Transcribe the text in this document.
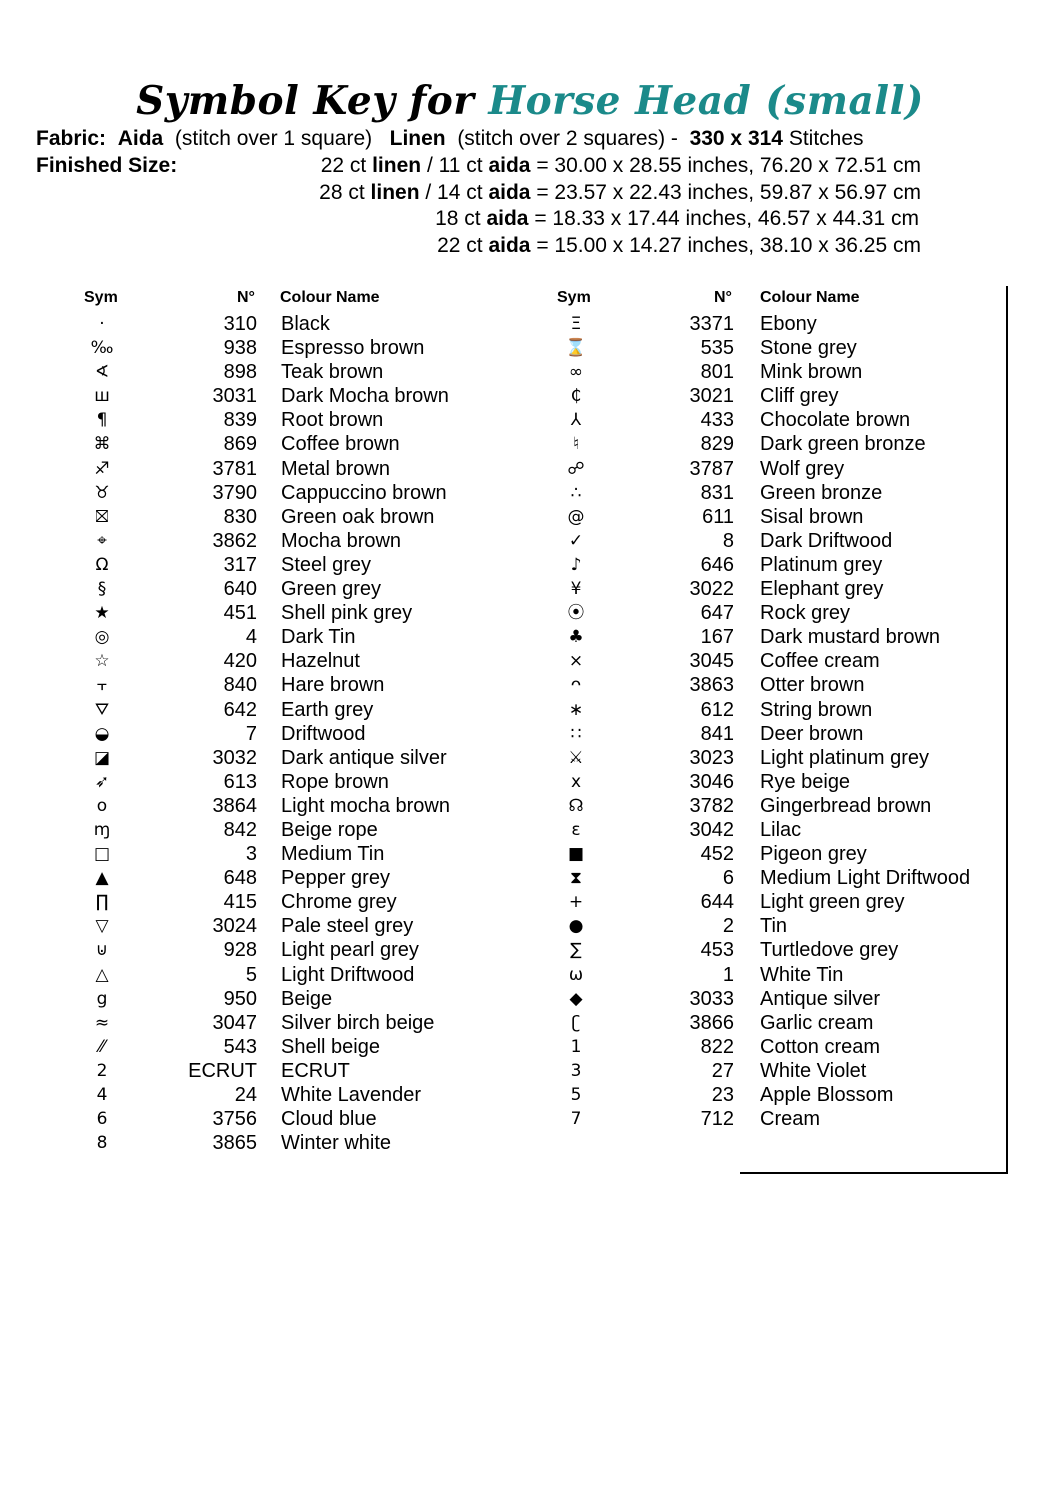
Symbol Key for Horse Head (small)
Fabric: Aida (stitch over 1 square) Linen (stitch over 2 squares) - 330 x 314 Stitches
Finished Size:	22 ct linen / 11 ct aida = 30.00 x 28.55 inches, 76.20 x 72.51 cm
28 ct linen / 14 ct aida = 23.57 x 22.43 inches, 59.87 x 56.97 cm
18 ct aida = 18.33 x 17.44 inches, 46.57 x 44.31 cm
22 ct aida = 15.00 x 14.27 inches, 38.10 x 36.25 cm
Sym	N° Colour Name
·	310 Black
‰	938 Espresso brown
∢	898 Teak brown
ш	3031 Dark Mocha brown
¶	839 Root brown
⌘	869 Coffee brown
♐	3781 Metal brown
♉	3790 Cappuccino brown
⛝	830 Green oak brown
⌖	3862 Mocha brown
Ω	317 Steel grey
§	640 Green grey
★	451 Shell pink grey
◎	4 Dark Tin
☆	420 Hazelnut
⫟	840 Hare brown
⛛	642 Earth grey
◒	7 Driftwood
◪	3032 Dark antique silver
➶	613 Rope brown
o	3864 Light mocha brown
ɱ	842 Beige rope
□	3 Medium Tin
▲	648 Pepper grey
∏	415 Chrome grey
▽	3024 Pale steel grey
⊍	928 Light pearl grey
△	5 Light Driftwood
g	950 Beige
≈	3047 Silver birch beige
⁄⁄	543 Shell beige
2	ECRUT ECRUT
4	24 White Lavender
6	3756 Cloud blue
8	3865 Winter white
Sym	N° Colour Name
Ξ	3371 Ebony
⌛	535 Stone grey
∞	801 Mink brown
₵	3021 Cliff grey
⅄	433 Chocolate brown
♮	829 Dark green bronze
☍	3787 Wolf grey
∴	831 Green bronze
@	611 Sisal brown
✓	8 Dark Driftwood
♪	646 Platinum grey
¥	3022 Elephant grey
⦿	647 Rock grey
♣	167 Dark mustard brown
⨯	3045 Coffee cream
ᴖ	3863 Otter brown
∗	612 String brown
∷	841 Deer brown
⚔	3023 Light platinum grey
x	3046 Rye beige
☊	3782 Gingerbread brown
ε	3042 Lilac
■	452 Pigeon grey
⧗	6 Medium Light Driftwood
+	644 Light green grey
●	2 Tin
∑	453 Turtledove grey
ω	1 White Tin
◆	3033 Antique silver
ʗ	3866 Garlic cream
1	822 Cotton cream
3	27 White Violet
5	23 Apple Blossom
7	712 Cream
